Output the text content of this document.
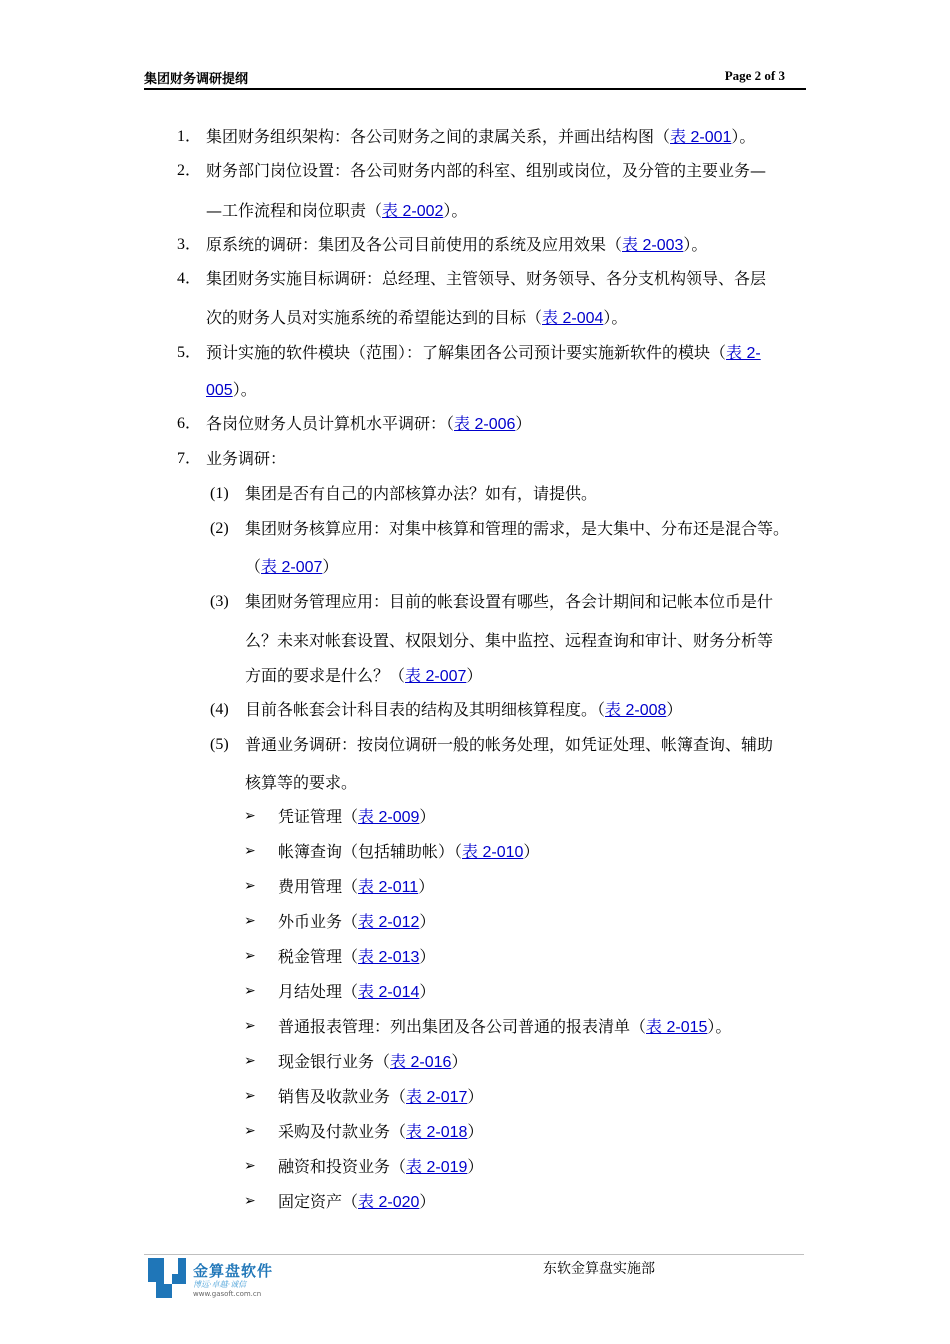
集团财务调研提纲	Page 2 of 3
1． 集团财务组织架构：各公司财务之间的隶属关系，并画出结构图（表 2-001）。
2． 财务部门岗位设置：各公司财务内部的科室、组别或岗位，及分管的主要业务—
—工作流程和岗位职责（表 2-002）。
3． 原系统的调研：集团及各公司目前使用的系统及应用效果（表 2-003）。
4． 集团财务实施目标调研：总经理、主管领导、财务领导、各分支机构领导、各层
次的财务人员对实施系统的希望能达到的目标（表 2-004）。
5． 预计实施的软件模块（范围）：了解集团各公司预计要实施新软件的模块（表 2-
005）。
6． 各岗位财务人员计算机水平调研：（表 2-006）
7． 业务调研：
(1) 集团是否有自己的内部核算办法？如有，请提供。
(2) 集团财务核算应用：对集中核算和管理的需求，是大集中、分布还是混合等。
（表 2-007）
(3) 集团财务管理应用：目前的帐套设置有哪些，各会计期间和记帐本位币是什
么？未来对帐套设置、权限划分、集中监控、远程查询和审计、财务分析等
方面的要求是什么？（表 2-007）
(4) 目前各帐套会计科目表的结构及其明细核算程度。（表 2-008）
(5) 普通业务调研：按岗位调研一般的帐务处理，如凭证处理、帐簿查询、辅助
核算等的要求。
➢ 凭证管理（表 2-009）
➢ 帐簿查询（包括辅助帐）（表 2-010）
➢ 费用管理（表 2-011）
➢ 外币业务（表 2-012）
➢ 税金管理（表 2-013）
➢ 月结处理（表 2-014）
➢ 普通报表管理：列出集团及各公司普通的报表清单（表 2-015）。
➢ 现金银行业务（表 2-016）
➢ 销售及收款业务（表 2-017）
➢ 采购及付款业务（表 2-018）
➢ 融资和投资业务（表 2-019）
➢ 固定资产（表 2-020）
金算盘软件
博远·卓越·诚信
www.gasoft.com.cn
东软金算盘实施部
